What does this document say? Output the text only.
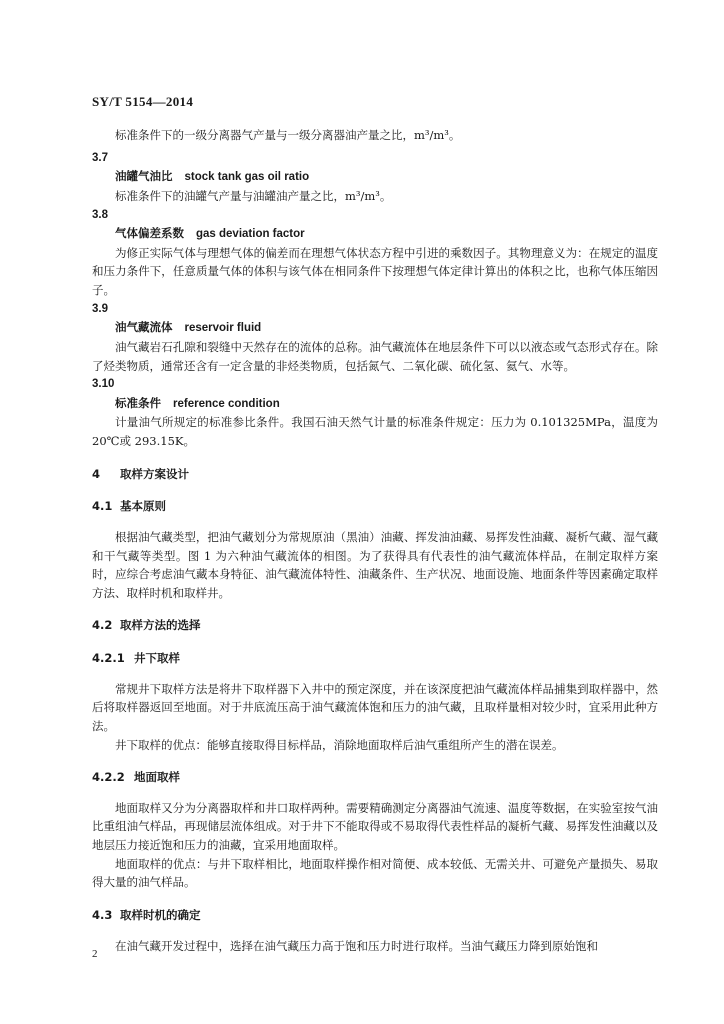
SY/T 5154—2014

标准条件下的一级分离器气产量与一级分离器油产量之比，m³/m³。

3.7

油罐气油比 stock tank gas oil ratio

标准条件下的油罐气产量与油罐油产量之比，m³/m³。

3.8

气体偏差系数 gas deviation factor

为修正实际气体与理想气体的偏差而在理想气体状态方程中引进的乘数因子。其物理意义为：在规定的温度和压力条件下，任意质量气体的体积与该气体在相同条件下按理想气体定律计算出的体积之比，也称气体压缩因子。

3.9

油气藏流体 reservoir fluid

油气藏岩石孔隙和裂缝中天然存在的流体的总称。油气藏流体在地层条件下可以以液态或气态形式存在。除了烃类物质，通常还含有一定含量的非烃类物质，包括氮气、二氧化碳、硫化氢、氦气、水等。

3.10

标准条件 reference condition

计量油气所规定的标准参比条件。我国石油天然气计量的标准条件规定：压力为 0.101325MPa，温度为 20℃或 293.15K。

4 取样方案设计
4.1 基本原则

根据油气藏类型，把油气藏划分为常规原油（黑油）油藏、挥发油油藏、易挥发性油藏、凝析气藏、湿气藏和干气藏等类型。图 1 为六种油气藏流体的相图。为了获得具有代表性的油气藏流体样品，在制定取样方案时，应综合考虑油气藏本身特征、油气藏流体特性、油藏条件、生产状况、地面设施、地面条件等因素确定取样方法、取样时机和取样井。

4.2 取样方法的选择
4.2.1 井下取样

常规井下取样方法是将井下取样器下入井中的预定深度，并在该深度把油气藏流体样品捕集到取样器中，然后将取样器返回至地面。对于井底流压高于油气藏流体饱和压力的油气藏，且取样量相对较少时，宜采用此种方法。

井下取样的优点：能够直接取得目标样品，消除地面取样后油气重组所产生的潜在误差。

4.2.2 地面取样

地面取样又分为分离器取样和井口取样两种。需要精确测定分离器油气流速、温度等数据，在实验室按气油比重组油气样品，再现储层流体组成。对于井下不能取得或不易取得代表性样品的凝析气藏、易挥发性油藏以及地层压力接近饱和压力的油藏，宜采用地面取样。

地面取样的优点：与井下取样相比，地面取样操作相对简便、成本较低、无需关井、可避免产量损失、易取得大量的油气样品。

4.3 取样时机的确定

在油气藏开发过程中，选择在油气藏压力高于饱和压力时进行取样。当油气藏压力降到原始饱和

2
